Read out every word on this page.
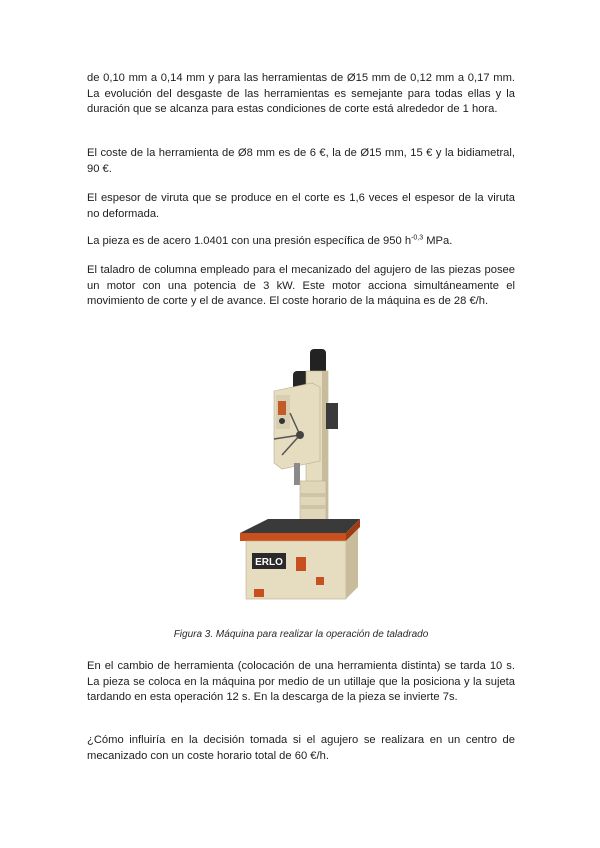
de 0,10 mm a 0,14 mm y para las herramientas de Ø15 mm de 0,12 mm a 0,17 mm. La evolución del desgaste de las herramientas es semejante para todas ellas y la duración que se alcanza para estas condiciones de corte está alrededor de 1 hora.

El coste de la herramienta de Ø8 mm es de 6 €, la de Ø15 mm, 15 € y la bidiametral, 90 €.

El espesor de viruta que se produce en el corte es 1,6 veces el espesor de la viruta no deformada.

La pieza es de acero 1.0401 con una presión específica de 950 $h^{-0,3}$ MPa.

El taladro de columna empleado para el mecanizado del agujero de las piezas posee un motor con una potencia de 3 kW. Este motor acciona simultáneamente el movimiento de corte y el de avance. El coste horario de la máquina es de 28 €/h.

ERLO

Figura 3. Máquina para realizar la operación de taladrado

En el cambio de herramienta (colocación de una herramienta distinta) se tarda 10 s. La pieza se coloca en la máquina por medio de un utillaje que la posiciona y la sujeta tardando en esta operación 12 s. En la descarga de la pieza se invierte 7s.

¿Cómo influiría en la decisión tomada si el agujero se realizara en un centro de mecanizado con un coste horario total de 60 €/h.
